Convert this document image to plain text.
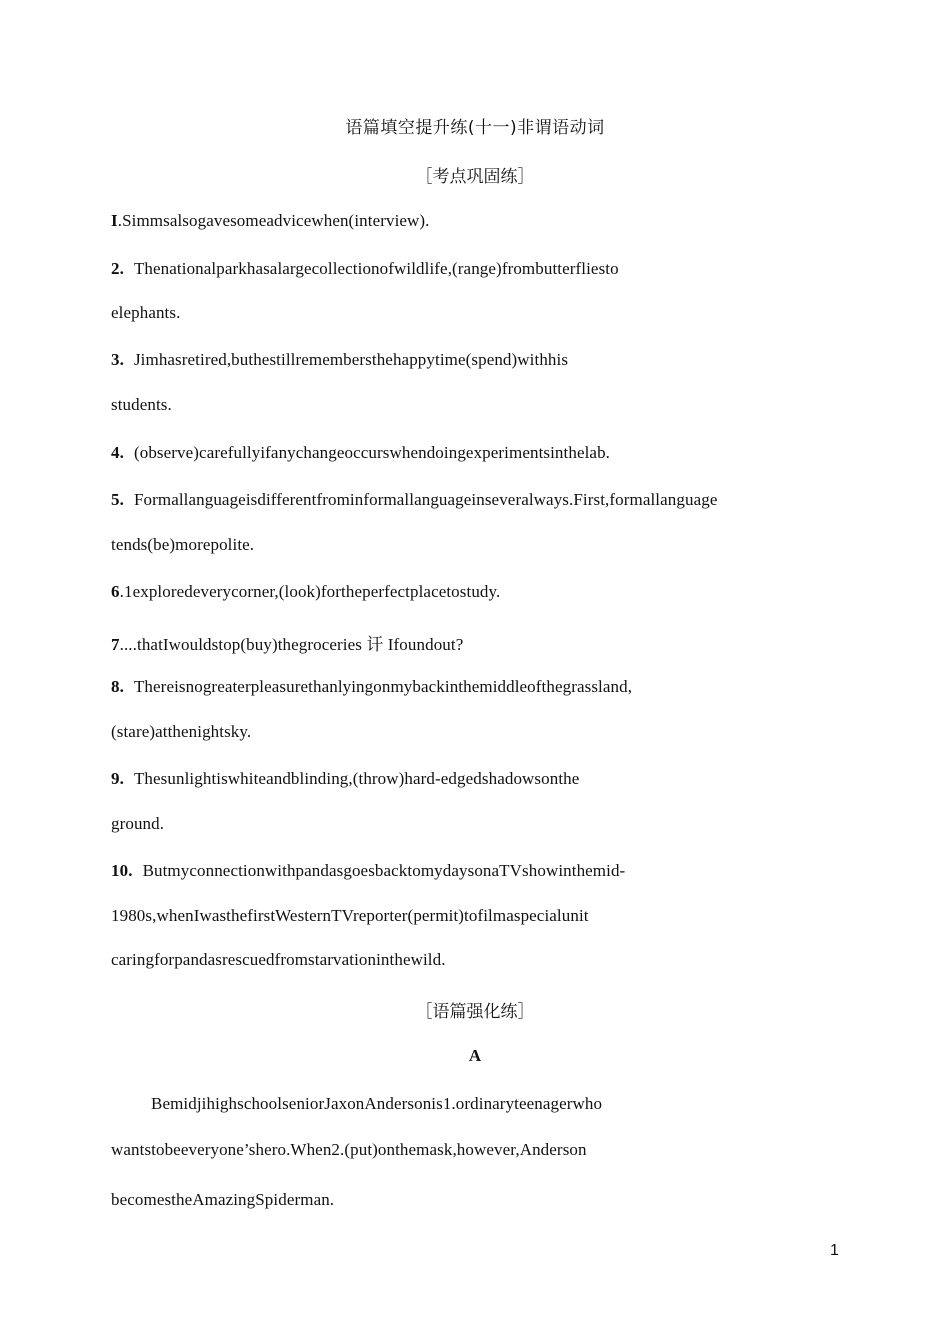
语篇填空提升练(十一)非谓语动词
［考点巩固练］
I.Simmsalsogavesomeadvicewhen(interview).
2. Thenationalparkhasalargecollectionofwildlife,(range)frombutterfliesto
elephants.
3. Jimhasretired,buthestillremembersthehappytime(spend)withhis
students.
4. (observe)carefullyifanychangeoccurswhendoingexperimentsinthelab.
5. Formallanguageisdifferentfrominformallanguageinseveralways.First,formallanguage
tends(be)morepolite.
6.1exploredeverycorner,(look)fortheperfectplacetostudy.
7....thatIwouldstop(buy)thegroceries 讦 Ifoundout?
8. Thereisnogreaterpleasurethanlyingonmybackinthemiddleofthegrassland,
(stare)atthenightsky.
9. Thesunlightiswhiteandblinding,(throw)hard-edgedshadowsonthe
ground.
10. ButmyconnectionwithpandasgoesbacktomydaysonaTVshowinthemid-
1980s,whenIwasthefirstWesternTVreporter(permit)tofilmaspecialunit
caringforpandasrescuedfromstarvationinthewild.
［语篇强化练］
A
BemidjihighschoolseniorJaxonAndersonis1.ordinaryteenagerwho
wantstobeeveryone’shero.When2.(put)onthemask,however,Anderson
becomestheAmazingSpiderman.
1
